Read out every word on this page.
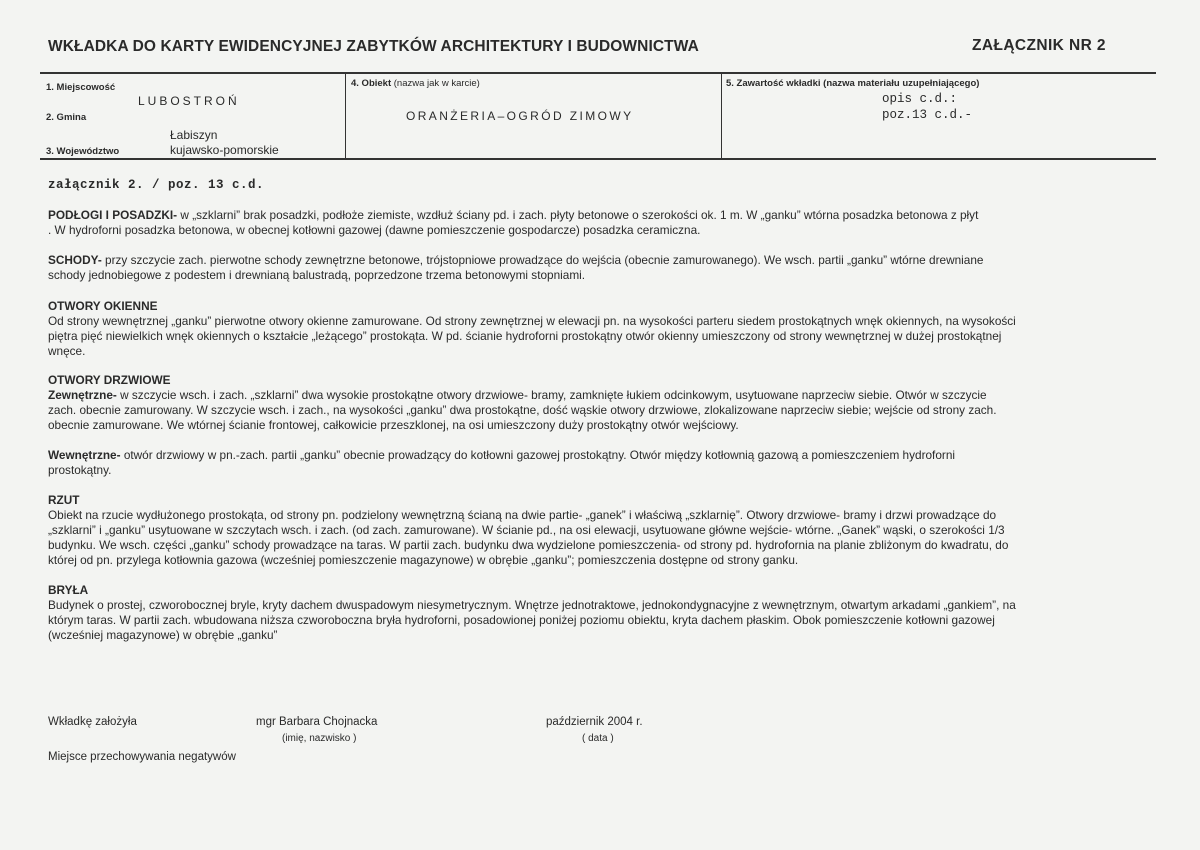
WKŁADKA DO KARTY EWIDENCYJNEJ ZABYTKÓW ARCHITEKTURY I BUDOWNICTWA	ZAŁĄCZNIK NR 2
1. Miejscowość
LUBOSTROŃ
2. Gmina
Łabiszyn
3. Województwo	kujawsko-pomorskie
4. Obiekt (nazwa jak w karcie)
ORANŻERIA–OGRÓD ZIMOWY
5. Zawartość wkładki (nazwa materiału uzupełniającego)
opis c.d.:
poz.13 c.d.-
załącznik 2. / poz. 13 c.d.

PODŁOGI I POSADZKI- w „szklarni” brak posadzki, podłoże ziemiste, wzdłuż ściany pd. i zach. płyty betonowe o szerokości ok. 1 m. W „ganku” wtórna posadzka betonowa z płyt
. W hydroforni posadzka betonowa, w obecnej kotłowni gazowej (dawne pomieszczenie gospodarcze) posadzka ceramiczna.

SCHODY- przy szczycie zach. pierwotne schody zewnętrzne betonowe, trójstopniowe prowadzące do wejścia (obecnie zamurowanego). We wsch. partii „ganku” wtórne drewniane
schody jednobiegowe z podestem i drewnianą balustradą, poprzedzone trzema betonowymi stopniami.

OTWORY OKIENNE
Od strony wewnętrznej „ganku” pierwotne otwory okienne zamurowane. Od strony zewnętrznej w elewacji pn. na wysokości parteru siedem prostokątnych wnęk okiennych, na wysokości
piętra pięć niewielkich wnęk okiennych o kształcie „leżącego” prostokąta. W pd. ścianie hydroforni prostokątny otwór okienny umieszczony od strony wewnętrznej w dużej prostokątnej
wnęce.

OTWORY DRZWIOWE
Zewnętrzne- w szczycie wsch. i zach. „szklarni” dwa wysokie prostokątne otwory drzwiowe- bramy, zamknięte łukiem odcinkowym, usytuowane naprzeciw siebie. Otwór w szczycie
zach. obecnie zamurowany. W szczycie wsch. i zach., na wysokości „ganku” dwa prostokątne, dość wąskie otwory drzwiowe, zlokalizowane naprzeciw siebie; wejście od strony zach.
obecnie zamurowane. We wtórnej ścianie frontowej, całkowicie przeszklonej, na osi umieszczony duży prostokątny otwór wejściowy.

Wewnętrzne- otwór drzwiowy w pn.-zach. partii „ganku” obecnie prowadzący do kotłowni gazowej prostokątny. Otwór między kotłownią gazową a pomieszczeniem hydroforni
prostokątny.

RZUT
Obiekt na rzucie wydłużonego prostokąta, od strony pn. podzielony wewnętrzną ścianą na dwie partie- „ganek” i właściwą „szklarnię”. Otwory drzwiowe- bramy i drzwi prowadzące do
„szklarni” i „ganku” usytuowane w szczytach wsch. i zach. (od zach. zamurowane). W ścianie pd., na osi elewacji, usytuowane główne wejście- wtórne. „Ganek” wąski, o szerokości 1/3
budynku. We wsch. części „ganku” schody prowadzące na taras. W partii zach. budynku dwa wydzielone pomieszczenia- od strony pd. hydrofornia na planie zbliżonym do kwadratu, do
której od pn. przylega kotłownia gazowa (wcześniej pomieszczenie magazynowe) w obrębie „ganku”; pomieszczenia dostępne od strony ganku.

BRYŁA
Budynek o prostej, czworobocznej bryle, kryty dachem dwuspadowym niesymetrycznym. Wnętrze jednotraktowe, jednokondygnacyjne z wewnętrznym, otwartym arkadami „gankiem”, na
którym taras. W partii zach. wbudowana niższa czworoboczna bryła hydroforni, posadowionej poniżej poziomu obiektu, kryta dachem płaskim. Obok pomieszczenie kotłowni gazowej
(wcześniej magazynowe) w obrębie „ganku”

Wkładkę założyła	mgr Barbara Chojnacka
(imię, nazwisko )
październik 2004 r.
( data )
Miejsce przechowywania negatywów
